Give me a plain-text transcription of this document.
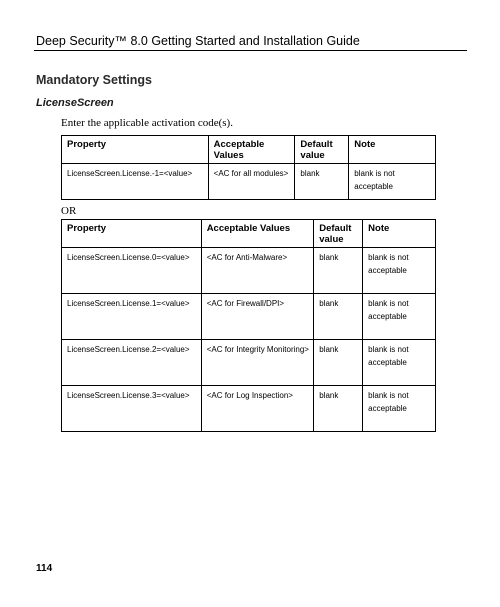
Deep Security™ 8.0 Getting Started and Installation Guide
Mandatory Settings
LicenseScreen
Enter the applicable activation code(s).
Property	Acceptable Values	Default value	Note
LicenseScreen.License.-1=<value>	<AC for all modules>	blank	blank is not acceptable
OR
Property	Acceptable Values	Default value	Note
LicenseScreen.License.0=<value>	<AC for Anti-Malware>	blank	blank is not acceptable
LicenseScreen.License.1=<value>	<AC for Firewall/DPI>	blank	blank is not acceptable
LicenseScreen.License.2=<value>	<AC for Integrity Monitoring>	blank	blank is not acceptable
LicenseScreen.License.3=<value>	<AC for Log Inspection>	blank	blank is not acceptable
114
